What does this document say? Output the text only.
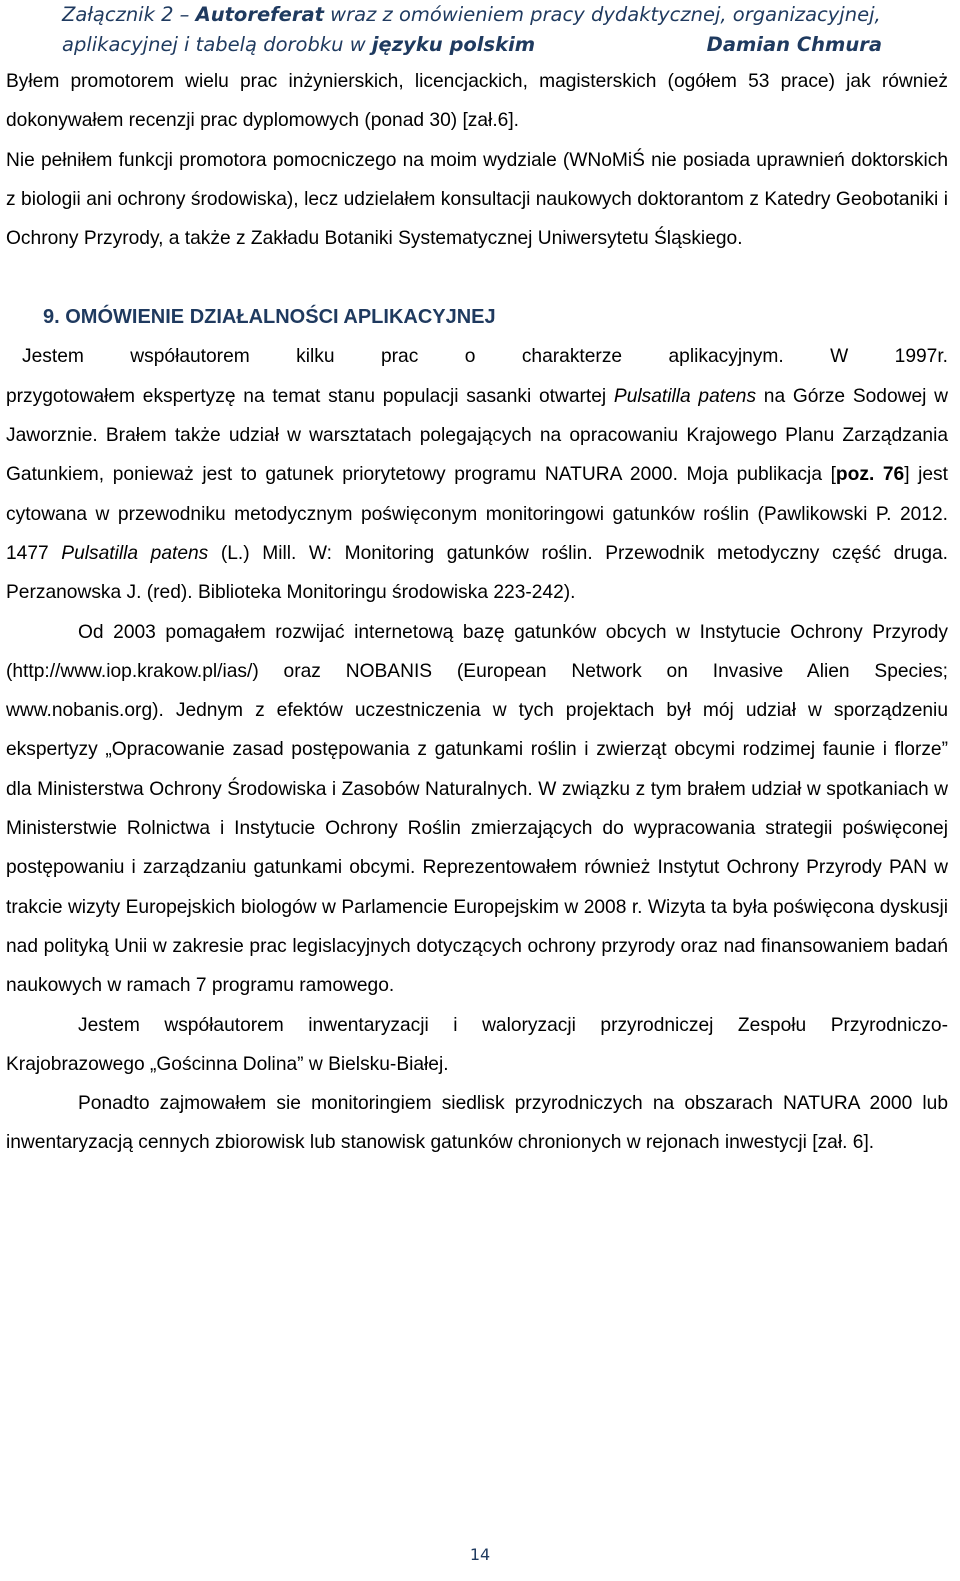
Załącznik 2 – Autoreferat wraz z omówieniem pracy dydaktycznej, organizacyjnej,
aplikacyjnej i tabelą dorobku w języku polskim	Damian Chmura

Byłem promotorem wielu prac inżynierskich, licencjackich, magisterskich (ogółem 53 prace) jak również dokonywałem recenzji prac dyplomowych (ponad 30) [zał.6].

Nie pełniłem funkcji promotora pomocniczego na moim wydziale (WNoMiŚ nie posiada uprawnień doktorskich z biologii ani ochrony środowiska), lecz udzielałem konsultacji naukowych doktorantom z Katedry Geobotaniki i Ochrony Przyrody, a także z Zakładu Botaniki Systematycznej Uniwersytetu Śląskiego.

9. OMÓWIENIE DZIAŁALNOŚCI APLIKACYJNEJ

Jestem współautorem kilku prac o charakterze aplikacyjnym. W 1997r.

przygotowałem ekspertyzę na temat stanu populacji sasanki otwartej Pulsatilla patens na Górze Sodowej w Jaworznie. Brałem także udział w warsztatach polegających na opracowaniu Krajowego Planu Zarządzania Gatunkiem, ponieważ jest to gatunek priorytetowy programu NATURA 2000. Moja publikacja [poz. 76] jest cytowana w przewodniku metodycznym poświęconym monitoringowi gatunków roślin (Pawlikowski P. 2012. 1477 Pulsatilla patens (L.) Mill. W: Monitoring gatunków roślin. Przewodnik metodyczny część druga. Perzanowska J. (red). Biblioteka Monitoringu środowiska 223-242).

Od 2003 pomagałem rozwijać internetową bazę gatunków obcych w Instytucie Ochrony Przyrody (http://www.iop.krakow.pl/ias/) oraz NOBANIS (European Network on Invasive Alien Species; www.nobanis.org). Jednym z efektów uczestniczenia w tych projektach był mój udział w sporządzeniu ekspertyzy „Opracowanie zasad postępowania z gatunkami roślin i zwierząt obcymi rodzimej faunie i florze” dla Ministerstwa Ochrony Środowiska i Zasobów Naturalnych. W związku z tym brałem udział w spotkaniach w Ministerstwie Rolnictwa i Instytucie Ochrony Roślin zmierzających do wypracowania strategii poświęconej postępowaniu i zarządzaniu gatunkami obcymi. Reprezentowałem również Instytut Ochrony Przyrody PAN w trakcie wizyty Europejskich biologów w Parlamencie Europejskim w 2008 r. Wizyta ta była poświęcona dyskusji nad polityką Unii w zakresie prac legislacyjnych dotyczących ochrony przyrody oraz nad finansowaniem badań naukowych w ramach 7 programu ramowego.

Jestem współautorem inwentaryzacji i waloryzacji przyrodniczej Zespołu Przyrodniczo-Krajobrazowego „Gościnna Dolina” w Bielsku-Białej.

Ponadto zajmowałem sie monitoringiem siedlisk przyrodniczych na obszarach NATURA 2000 lub inwentaryzacją cennych zbiorowisk lub stanowisk gatunków chronionych w rejonach inwestycji [zał. 6].

14
